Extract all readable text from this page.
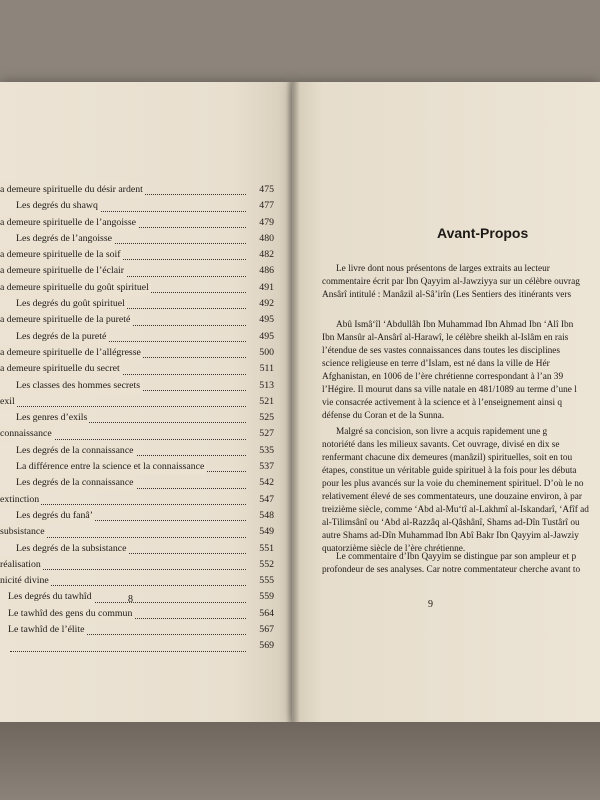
a demeure spirituelle du désir ardent	475
Les degrés du shawq	477
a demeure spirituelle de l’angoisse	479
Les degrés de l’angoisse	480
a demeure spirituelle de la soif	482
a demeure spirituelle de l’éclair	486
a demeure spirituelle du goût spirituel	491
Les degrés du goût spirituel	492
a demeure spirituelle de la pureté	495
Les degrés de la pureté	495
a demeure spirituelle de l’allégresse	500
a demeure spirituelle du secret	511
Les classes des hommes secrets	513
exil	521
Les genres d’exils	525
connaissance	527
Les degrés de la connaissance	535
La différence entre la science et la connaissance	537
Les degrés de la connaissance	542
extinction	547
Les degrés du fanâ’	548
subsistance	549
Les degrés de la subsistance	551
réalisation	552
nicité divine	555
Les degrés du tawhîd	559
Le tawhîd des gens du commun	564
Le tawhîd de l’élite	567
569
8	9
Avant-Propos

Le livre dont nous présentons de larges extraits au lecteur

commentaire écrit par Ibn Qayyim al-Jawziyya sur un célèbre ouvrag

Ansârî intitulé : Manâzil al-Sâ’irîn (Les Sentiers des itinérants vers

Abû Ismâ‘îl ‘Abdullâh Ibn Muhammad Ibn Ahmad Ibn ‘Alî Ibn

Ibn Mansûr al-Ansârî al-Harawî, le célèbre sheikh al-Islâm en rais

l’étendue de ses vastes connaissances dans toutes les disciplines

science religieuse en terre d’Islam, est né dans la ville de Hér

Afghanistan, en 1006 de l’ère chrétienne correspondant à l’an 39

l’Hégire. Il mourut dans sa ville natale en 481/1089 au terme d’une l

vie consacrée activement à la science et à l’enseignement ainsi q

défense du Coran et de la Sunna.

Malgré sa concision, son livre a acquis rapidement une g

notoriété dans les milieux savants. Cet ouvrage, divisé en dix se

renfermant chacune dix demeures (manâzil) spirituelles, soit en tou

étapes, constitue un véritable guide spirituel à la fois pour les débuta

pour les plus avancés sur la voie du cheminement spirituel. D’où le no

relativement élevé de ses commentateurs, une douzaine environ, à par

treizième siècle, comme ‘Abd al-Mu‘tî al-Lakhmî al-Iskandarî, ‘Afîf ad

al-Tilimsânî ou ‘Abd al-Razzâq al-Qâshânî, Shams ad-Dîn Tustârî ou

autre Shams ad-Dîn Muhammad Ibn Abî Bakr Ibn Qayyim al-Jawziy

quatorzième siècle de l’ère chrétienne.

Le commentaire d’Ibn Qayyim se distingue par son ampleur et p

profondeur de ses analyses. Car notre commentateur cherche avant to
